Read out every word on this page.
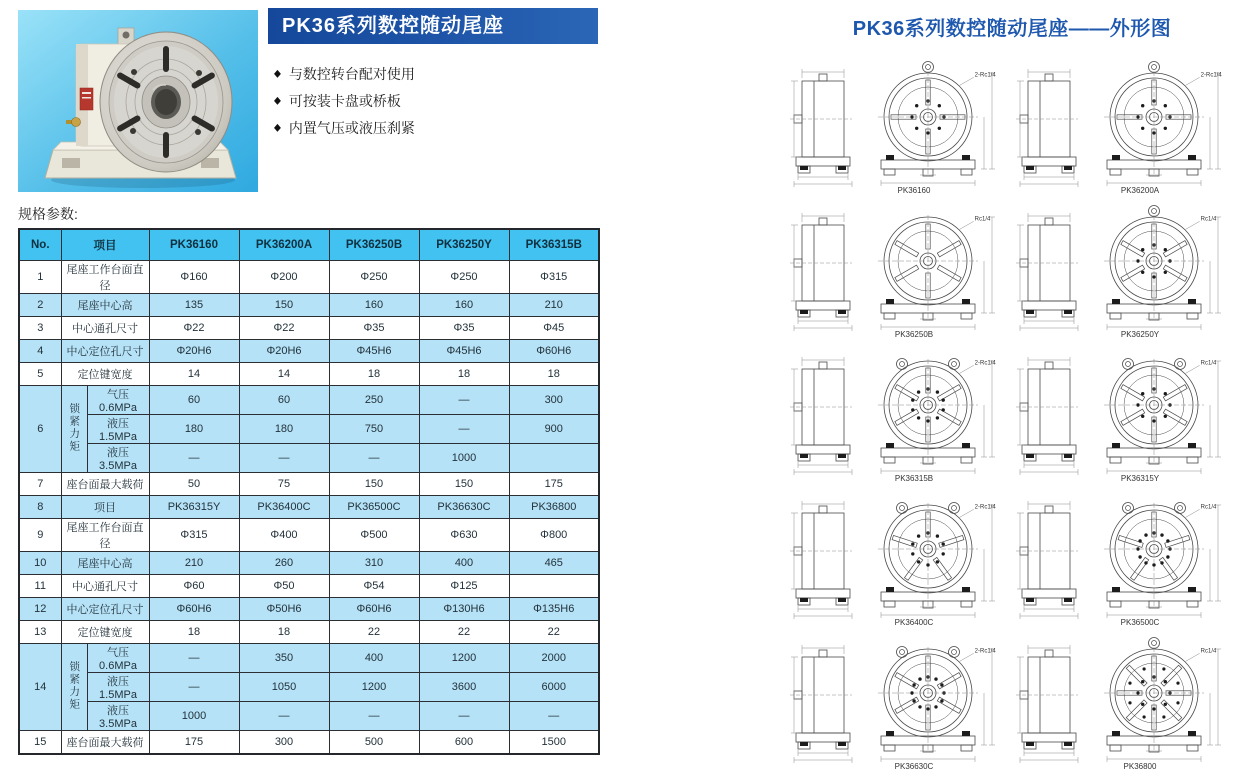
PK36系列数控随动尾座
◆ 与数控转台配对使用
◆ 可按装卡盘或桥板
◆ 内置气压或液压刹紧
规格参数:
No.	项目		PK36160	PK36200A	PK36250B	PK36250Y	PK36315B
1	尾座工作台面直径		Φ160	Φ200	Φ250	Φ250	Φ315
2	尾座中心高		135	150	160	160	210
3	中心通孔尺寸		Φ22	Φ22	Φ35	Φ35	Φ45
4	中心定位孔尺寸		Φ20H6	Φ20H6	Φ45H6	Φ45H6	Φ60H6
5	定位键宽度		14	14	18	18	18
6	锁紧力矩	气压0.6MPa	60	60	250	—	300
		液压1.5MPa	180	180	750	—	900
		液压3.5MPa	—	—	—	1000	
7	座台面最大载荷		50	75	150	150	175
8	项目		PK36315Y	PK36400C	PK36500C	PK36630C	PK36800
9	尾座工作台面直径		Φ315	Φ400	Φ500	Φ630	Φ800
10	尾座中心高		210	260	310	400	465
11	中心通孔尺寸		Φ60	Φ50	Φ54	Φ125	
12	中心定位孔尺寸		Φ60H6	Φ50H6	Φ60H6	Φ130H6	Φ135H6
13	定位键宽度		18	18	22	22	22
14	锁紧力矩	气压0.6MPa	—	350	400	1200	2000
		液压1.5MPa	—	1050	1200	3600	6000
		液压3.5MPa	1000	—	—	—	—
15	座台面最大载荷		175	300	500	600	1500
PK36系列数控随动尾座——外形图
2-Rc1/4
PK36160
2-Rc1/4
PK36200A
Rc1/4
PK36250B
Rc1/4
PK36250Y
2-Rc1/4
PK36315B
Rc1/4
PK36315Y
2-Rc1/4
PK36400C
Rc1/4
PK36500C
2-Rc1/4
PK36630C
Rc1/4
PK36800
